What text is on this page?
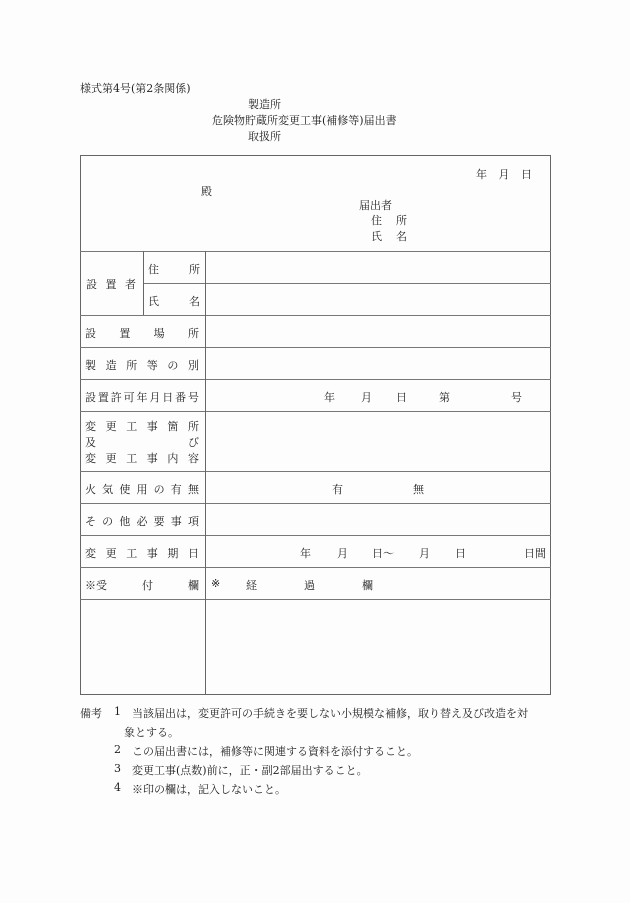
様式第4号(第2条関係)
製造所
危険物貯蔵所変更工事(補修等)届出書
取扱所
年 月 日
殿
届出者
住 所
氏 名
設 置 者
住	所
氏	名
設 置 場 所
製 造 所 等 の 別
設 置 許 可 年 月 日 番 号	年 月 日	第	号
変 更 工 事 箇 所
及	び
変 更 工 事 内 容
火 気 使 用 の 有 無	有	無
そ の 他 必 要 事 項
変 更 工 事 期 日	年 月 日～ 月 日	日間
※受	付	欄 ※ 経	過	欄
備考 1 当該届出は，変更許可の手続きを要しない小規模な補修，取り替え及び改造を対
象とする。
2 この届出書には，補修等に関連する資料を添付すること。
3 変更工事(点数)前に，正・副2部届出すること。
4 ※印の欄は，記入しないこと。
